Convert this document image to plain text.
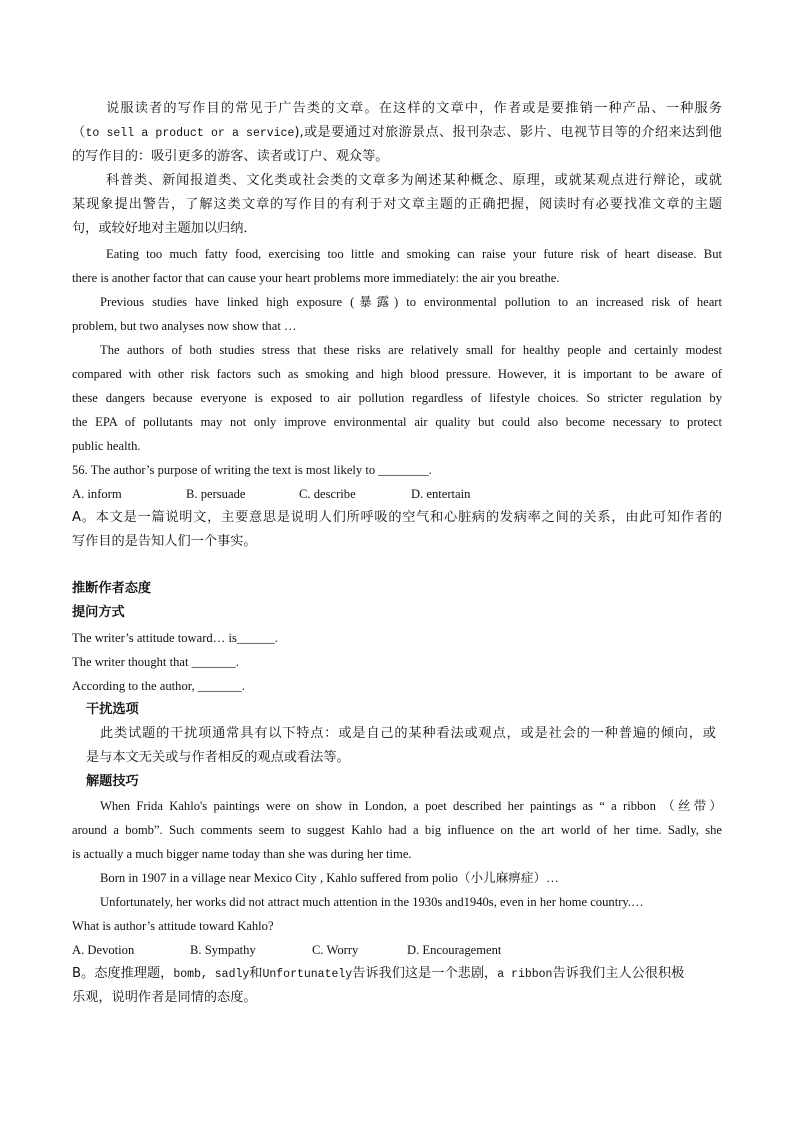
说服读者的写作目的常见于广告类的文章。在这样的文章中，作者或是要推销一种产品、一种服务
（to sell a product or a service),或是要通过对旅游景点、报刊杂志、影片、电视节目等的介绍来达到他
的写作目的：吸引更多的游客、读者或订户、观众等。
科普类、新闻报道类、文化类或社会类的文章多为阐述某种概念、原理，或就某观点进行辩论，或就
某现象提出警告，了解这类文章的写作目的有利于对文章主题的正确把握，阅读时有必要找准文章的主题
句，或较好地对主题加以归纳．
Eating too much fatty food, exercising too little and smoking can raise your future risk of heart disease. But
there is another factor that can cause your heart problems more immediately: the air you breathe.
Previous studies have linked high exposure (暴露) to environmental pollution to an increased risk of heart
problem, but two analyses now show that …
The authors of both studies stress that these risks are relatively small for healthy people and certainly modest
compared with other risk factors such as smoking and high blood pressure. However, it is important to be aware of
these dangers because everyone is exposed to air pollution regardless of lifestyle choices. So stricter regulation by
the EPA of pollutants may not only improve environmental air quality but could also become necessary to protect
public health.
56. The author’s purpose of writing the text is most likely to ________.
A. inform	B. persuade	C. describe	D. entertain
A。本文是一篇说明文，主要意思是说明人们所呼吸的空气和心脏病的发病率之间的关系，由此可知作者的
写作目的是告知人们一个事实。
推断作者态度
提问方式
The writer’s attitude toward… is______.
The writer thought that _______.
According to the author, _______.
干扰选项
此类试题的干扰项通常具有以下特点：或是自己的某种看法或观点，或是社会的一种普遍的倾向，或
是与本文无关或与作者相反的观点或看法等。
解题技巧
When Frida Kahlo's paintings were on show in London, a poet described her paintings as “ a ribbon （丝带）
around a bomb”. Such comments seem to suggest Kahlo had a big influence on the art world of her time. Sadly, she
is actually a much bigger name today than she was during her time.
Born in 1907 in a village near Mexico City , Kahlo suffered from polio（小儿麻痹症）…
Unfortunately, her works did not attract much attention in the 1930s and1940s, even in her home country.…
What is author’s attitude toward Kahlo?
A. Devotion	B. Sympathy	C. Worry	D. Encouragement
B。态度推理题，bomb, sadly和Unfortunately告诉我们这是一个悲剧，a ribbon告诉我们主人公很积极
乐观，说明作者是同情的态度。
